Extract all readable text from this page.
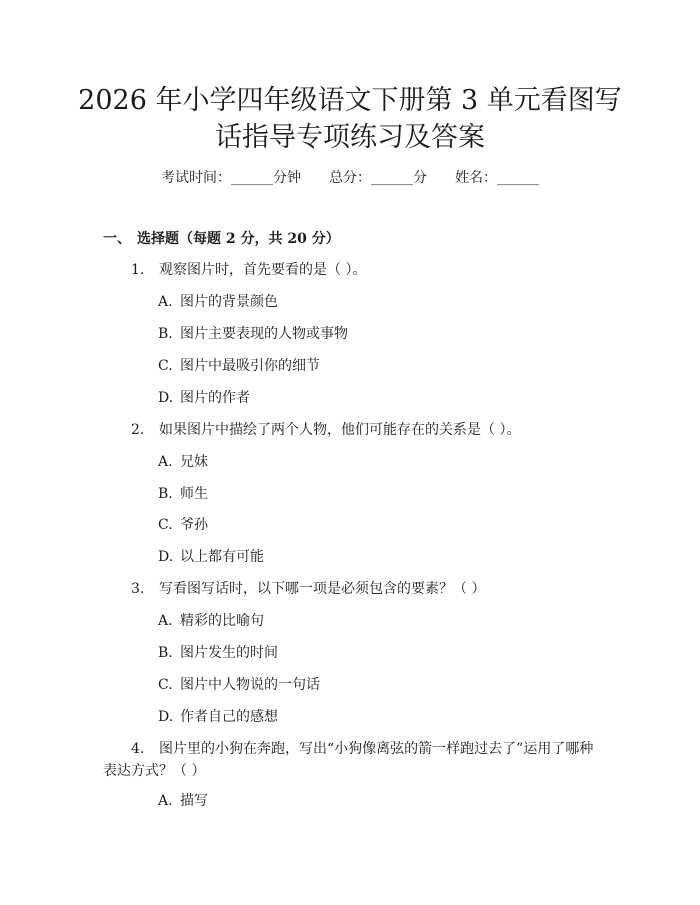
2026 年小学四年级语文下册第 3 单元看图写
话指导专项练习及答案
考试时间：______分钟 总分：______分 姓名：______
一、 选择题（每题 2 分，共 20 分）
1. 观察图片时，首先要看的是（ ）。
A. 图片的背景颜色
B. 图片主要表现的人物或事物
C. 图片中最吸引你的细节
D. 图片的作者
2. 如果图片中描绘了两个人物，他们可能存在的关系是（ ）。
A. 兄妹
B. 师生
C. 爷孙
D. 以上都有可能
3. 写看图写话时，以下哪一项是必须包含的要素？（ ）
A. 精彩的比喻句
B. 图片发生的时间
C. 图片中人物说的一句话
D. 作者自己的感想
4. 图片里的小狗在奔跑，写出“小狗像离弦的箭一样跑过去了”运用了哪种表达方式？（ ）
A. 描写
